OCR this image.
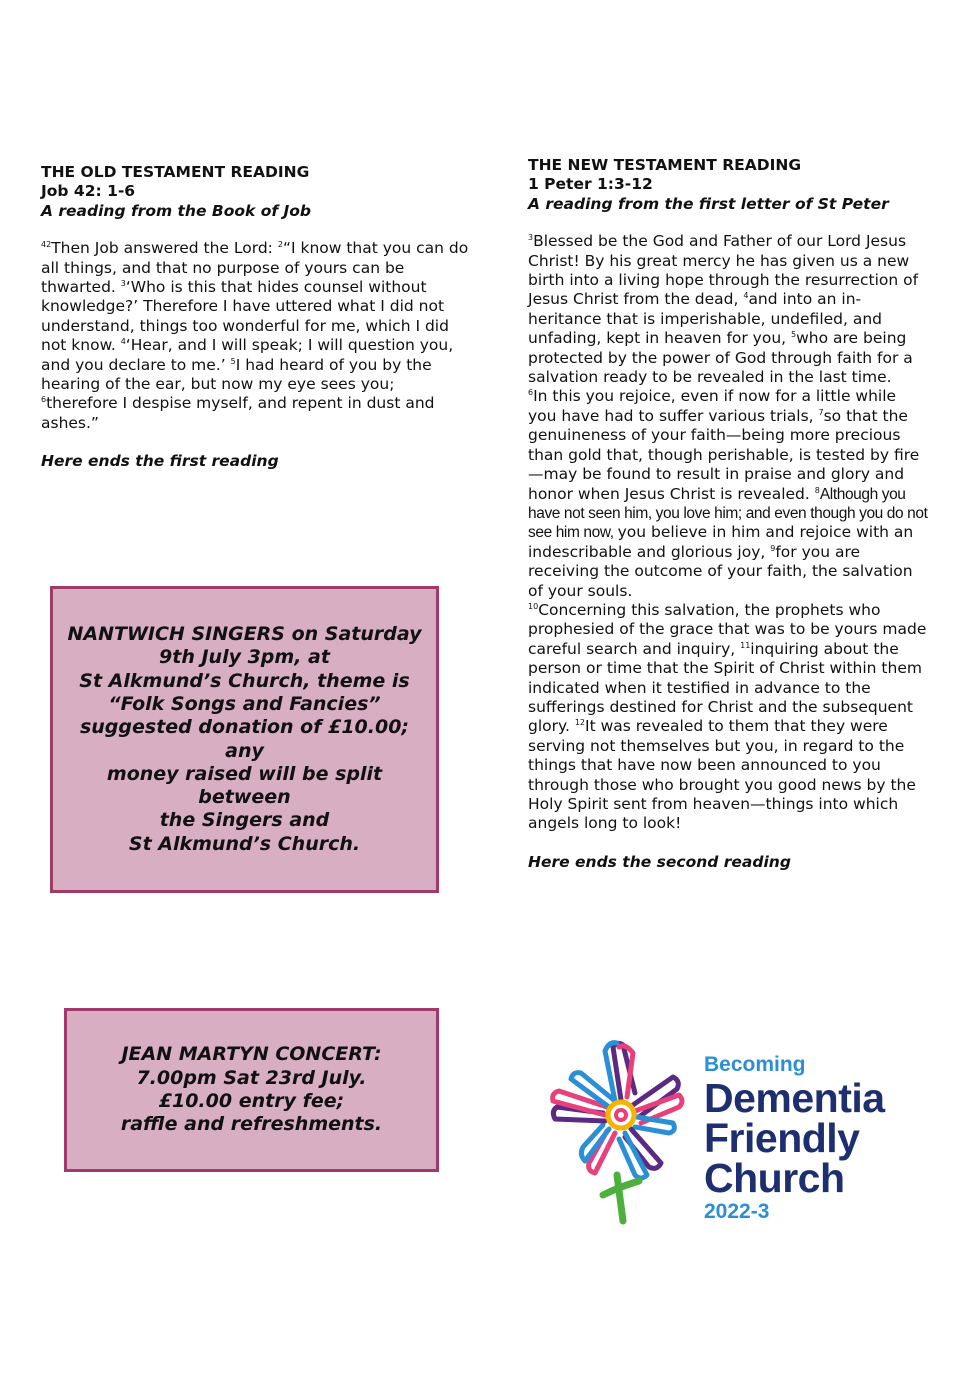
THE OLD TESTAMENT READING
Job 42: 1-6
A reading from the Book of Job
$^{42}$Then Job answered the Lord: $^2$“I know that you can do all things, and that no purpose of yours can be thwarted. $^3$‘Who is this that hides counsel without knowledge?’ Therefore I have uttered what I did not understand, things too wonderful for me, which I did not know. $^4$‘Hear, and I will speak; I will question you, and you declare to me.’ $^5$I had heard of you by the hearing of the ear, but now my eye sees you; $^6$therefore I despise myself, and repent in dust and ashes.”
Here ends the first reading
THE NEW TESTAMENT READING
1 Peter 1:3-12
A reading from the first letter of St Peter
$^3$Blessed be the God and Father of our Lord Jesus Christ! By his great mercy he has given us a new birth into a living hope through the resurrection of Jesus Christ from the dead, $^4$and into an in-heritance that is imperishable, undefiled, and unfading, kept in heaven for you, $^5$who are being protected by the power of God through faith for a salvation ready to be revealed in the last time.
$^6$In this you rejoice, even if now for a little while you have had to suffer various trials, $^7$so that the genuineness of your faith—being more precious than gold that, though perishable, is tested by fire—may be found to result in praise and glory and honor when Jesus Christ is revealed. $^8$Although you have not seen him, you love him; and even though you do not see him now, you believe in him and rejoice with an indescribable and glorious joy, $^9$for you are receiving the outcome of your faith, the salvation of your souls.
$^{10}$Concerning this salvation, the prophets who prophesied of the grace that was to be yours made careful search and inquiry, $^{11}$inquiring about the person or time that the Spirit of Christ within them indicated when it testified in advance to the sufferings destined for Christ and the subsequent glory. $^{12}$It was revealed to them that they were serving not themselves but you, in regard to the things that have now been announced to you through those who brought you good news by the Holy Spirit sent from heaven—things into which angels long to look!
Here ends the second reading
NANTWICH SINGERS on Saturday
9th July 3pm, at
St Alkmund’s Church, theme is
“Folk Songs and Fancies”
suggested donation of £10.00; any
money raised will be split between
the Singers and
St Alkmund’s Church.
JEAN MARTYN CONCERT:
7.00pm Sat 23rd July.
£10.00 entry fee;
raffle and refreshments.
Becoming
Dementia
Friendly
Church
2022-3
